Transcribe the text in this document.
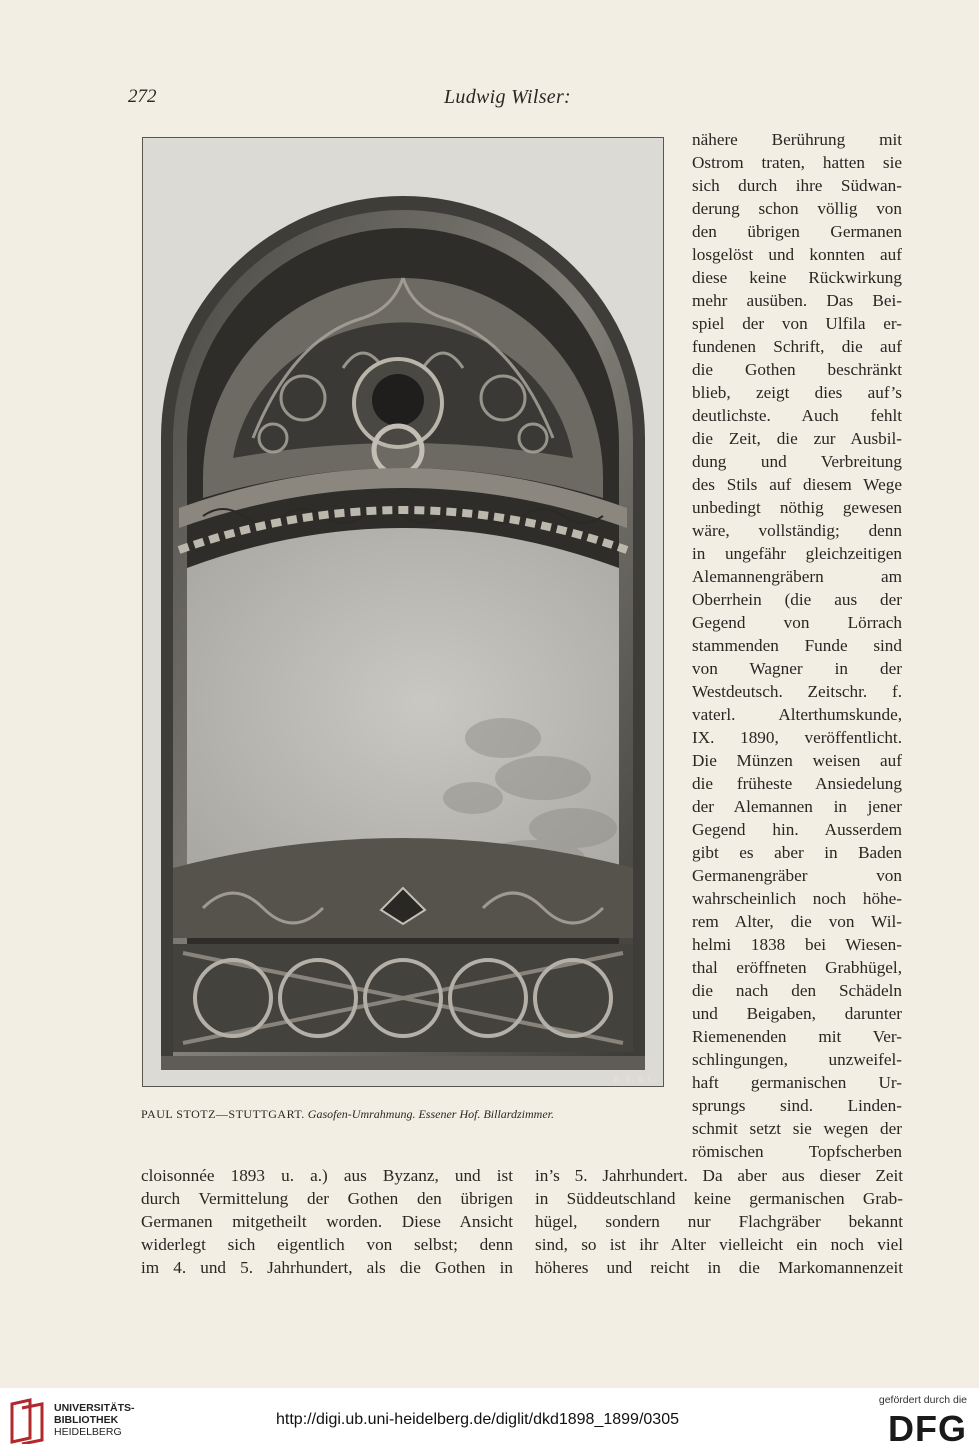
272	Ludwig Wilser:
B. S. & C.
PAUL STOTZ—STUTTGART. Gasofen-Umrahmung. Essener Hof. Billardzimmer.
nähere Berührung mit
Ostrom traten, hatten sie
sich durch ihre Südwan-
derung schon völlig von
den übrigen Germanen
losgelöst und konnten auf
diese keine Rückwirkung
mehr ausüben. Das Bei-
spiel der von Ulfila er-
fundenen Schrift, die auf
die Gothen beschränkt
blieb, zeigt dies auf’s
deutlichste. Auch fehlt
die Zeit, die zur Ausbil-
dung und Verbreitung
des Stils auf diesem Wege
unbedingt nöthig gewesen
wäre, vollständig; denn
in ungefähr gleichzeitigen
Alemannengräbern am
Oberrhein (die aus der
Gegend von Lörrach
stammenden Funde sind
von Wagner in der
Westdeutsch. Zeitschr. f.
vaterl. Alterthumskunde,
IX. 1890, veröffentlicht.
Die Münzen weisen auf
die früheste Ansiedelung
der Alemannen in jener
Gegend hin. Ausserdem
gibt es aber in Baden
Germanengräber von
wahrscheinlich noch höhe-
rem Alter, die von Wil-
helmi 1838 bei Wiesen-
thal eröffneten Grabhügel,
die nach den Schädeln
und Beigaben, darunter
Riemenenden mit Ver-
schlingungen, unzweifel-
haft germanischen Ur-
sprungs sind. Linden-
schmit setzt sie wegen der
römischen Topfscherben
cloisonnée 1893 u. a.) aus Byzanz, und ist
durch Vermittelung der Gothen den übrigen
Germanen mitgetheilt worden. Diese Ansicht
widerlegt sich eigentlich von selbst; denn
im 4. und 5. Jahrhundert, als die Gothen in
in’s 5. Jahrhundert. Da aber aus dieser Zeit
in Süddeutschland keine germanischen Grab-
hügel, sondern nur Flachgräber bekannt
sind, so ist ihr Alter vielleicht ein noch viel
höheres und reicht in die Markomannenzeit
UNIVERSITÄTS-
BIBLIOTHEK
HEIDELBERG
http://digi.ub.uni-heidelberg.de/diglit/dkd1898_1899/0305
gefördert durch die
DFG
